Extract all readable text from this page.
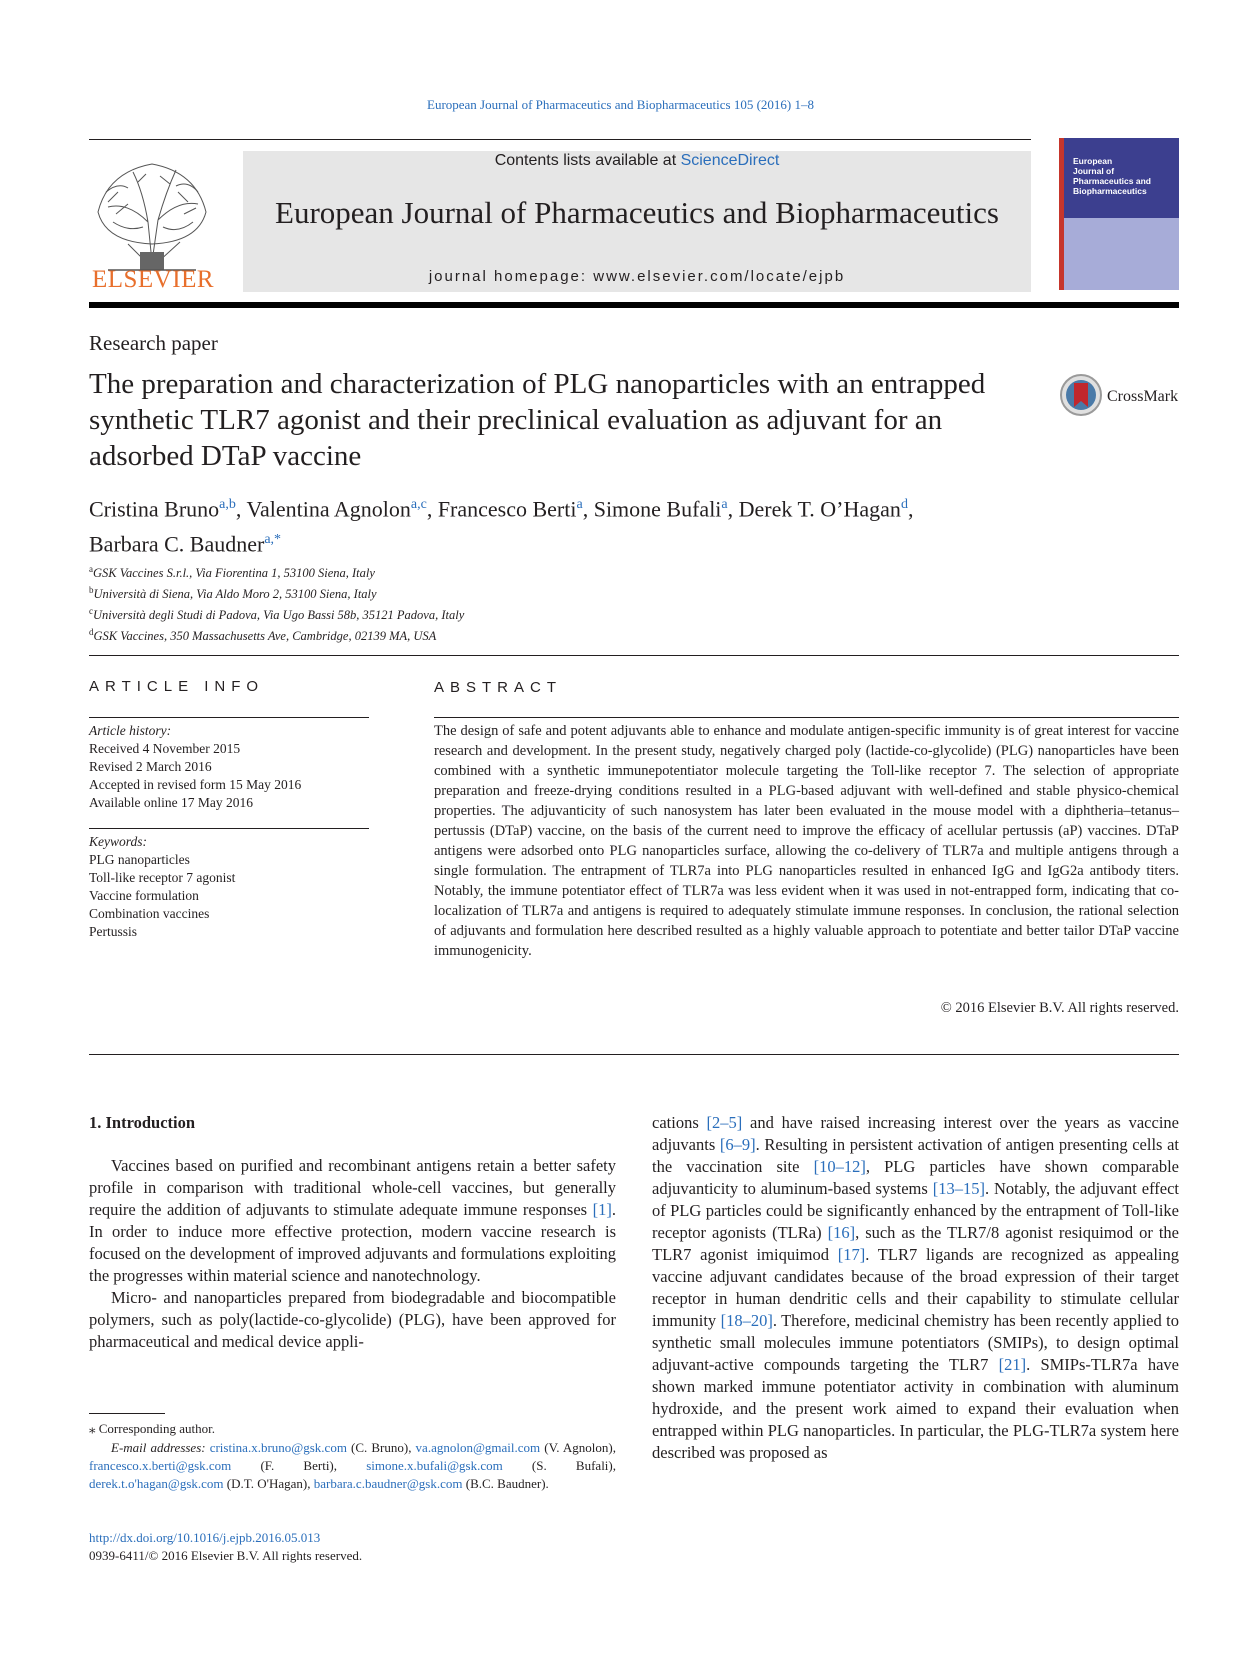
European Journal of Pharmaceutics and Biopharmaceutics 105 (2016) 1–8
ELSEVIER
Contents lists available at ScienceDirect
European Journal of Pharmaceutics and Biopharmaceutics
journal homepage: www.elsevier.com/locate/ejpb
European
Journal of
Pharmaceutics and
Biopharmaceutics
Research paper
The preparation and characterization of PLG nanoparticles with an entrapped synthetic TLR7 agonist and their preclinical evaluation as adjuvant for an adsorbed DTaP vaccine
CrossMark
Cristina Bruno$^{a,b}$, Valentina Agnolon$^{a,c}$, Francesco Berti$^a$, Simone Bufali$^a$, Derek T. O’Hagan$^d$,
Barbara C. Baudner$^{a,*}$
$^a$GSK Vaccines S.r.l., Via Fiorentina 1, 53100 Siena, Italy
$^b$Università di Siena, Via Aldo Moro 2, 53100 Siena, Italy
$^c$Università degli Studi di Padova, Via Ugo Bassi 58b, 35121 Padova, Italy
$^d$GSK Vaccines, 350 Massachusetts Ave, Cambridge, 02139 MA, USA
ARTICLE INFO
Article history:
Received 4 November 2015
Revised 2 March 2016
Accepted in revised form 15 May 2016
Available online 17 May 2016
Keywords:
PLG nanoparticles
Toll-like receptor 7 agonist
Vaccine formulation
Combination vaccines
Pertussis
ABSTRACT
The design of safe and potent adjuvants able to enhance and modulate antigen-specific immunity is of great interest for vaccine research and development. In the present study, negatively charged poly (lactide-co-glycolide) (PLG) nanoparticles have been combined with a synthetic immunepotentiator molecule targeting the Toll-like receptor 7. The selection of appropriate preparation and freeze-drying conditions resulted in a PLG-based adjuvant with well-defined and stable physico-chemical properties. The adjuvanticity of such nanosystem has later been evaluated in the mouse model with a diphtheria–tetanus–pertussis (DTaP) vaccine, on the basis of the current need to improve the efficacy of acellular pertussis (aP) vaccines. DTaP antigens were adsorbed onto PLG nanoparticles surface, allowing the co-delivery of TLR7a and multiple antigens through a single formulation. The entrapment of TLR7a into PLG nanoparticles resulted in enhanced IgG and IgG2a antibody titers. Notably, the immune potentiator effect of TLR7a was less evident when it was used in not-entrapped form, indicating that co-localization of TLR7a and antigens is required to adequately stimulate immune responses. In conclusion, the rational selection of adjuvants and formulation here described resulted as a highly valuable approach to potentiate and better tailor DTaP vaccine immunogenicity.
© 2016 Elsevier B.V. All rights reserved.
1. Introduction

Vaccines based on purified and recombinant antigens retain a better safety profile in comparison with traditional whole-cell vaccines, but generally require the addition of adjuvants to stimulate adequate immune responses [1]. In order to induce more effective protection, modern vaccine research is focused on the development of improved adjuvants and formulations exploiting the progresses within material science and nanotechnology.

Micro- and nanoparticles prepared from biodegradable and biocompatible polymers, such as poly(lactide-co-glycolide) (PLG), have been approved for pharmaceutical and medical device appli-

cations [2–5] and have raised increasing interest over the years as vaccine adjuvants [6–9]. Resulting in persistent activation of antigen presenting cells at the vaccination site [10–12], PLG particles have shown comparable adjuvanticity to aluminum-based systems [13–15]. Notably, the adjuvant effect of PLG particles could be significantly enhanced by the entrapment of Toll-like receptor agonists (TLRa) [16], such as the TLR7/8 agonist resiquimod or the TLR7 agonist imiquimod [17]. TLR7 ligands are recognized as appealing vaccine adjuvant candidates because of the broad expression of their target receptor in human dendritic cells and their capability to stimulate cellular immunity [18–20]. Therefore, medicinal chemistry has been recently applied to synthetic small molecules immune potentiators (SMIPs), to design optimal adjuvant-active compounds targeting the TLR7 [21]. SMIPs-TLR7a have shown marked immune potentiator activity in combination with aluminum hydroxide, and the present work aimed to expand their evaluation when entrapped within PLG nanoparticles. In particular, the PLG-TLR7a system here described was proposed as

⁎ Corresponding author.
E-mail addresses: cristina.x.bruno@gsk.com (C. Bruno), va.agnolon@gmail.com (V. Agnolon), francesco.x.berti@gsk.com (F. Berti), simone.x.bufali@gsk.com (S. Bufali), derek.t.o'hagan@gsk.com (D.T. O'Hagan), barbara.c.baudner@gsk.com (B.C. Baudner).
http://dx.doi.org/10.1016/j.ejpb.2016.05.013
0939-6411/© 2016 Elsevier B.V. All rights reserved.
